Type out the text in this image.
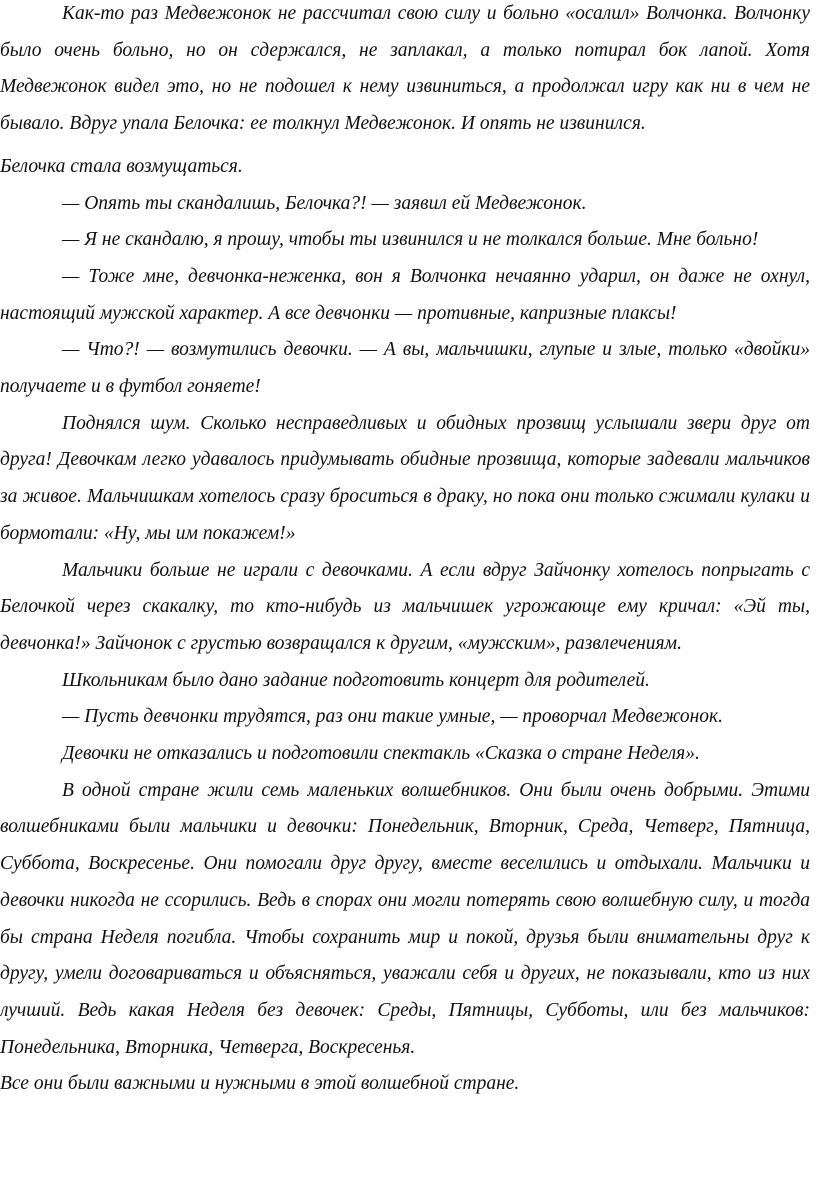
Как-то раз Медвежонок не рассчитал свою силу и больно «осалил» Волчонка. Волчонку было очень больно, но он сдержался, не заплакал, а только потирал бок лапой. Хотя Медвежонок видел это, но не подошел к нему извиниться, а продолжал игру как ни в чем не бывало. Вдруг упала Белочка: ее толкнул Медвежонок. И опять не извинился.

Белочка стала возмущаться.

— Опять ты скандалишь, Белочка?! — заявил ей Медвежонок.

— Я не скандалю, я прошу, чтобы ты извинился и не толкался больше. Мне больно!

— Тоже мне, девчонка-неженка, вон я Волчонка нечаянно ударил, он даже не охнул, настоящий мужской характер. А все девчонки — противные, капризные плаксы!

— Что?! — возмутились девочки. — А вы, мальчишки, глупые и злые, только «двойки» получаете и в футбол гоняете!

Поднялся шум. Сколько несправедливых и обидных прозвищ услышали звери друг от друга! Девочкам легко удавалось придумывать обидные прозвища, которые задевали мальчиков за живое. Мальчишкам хотелось сразу броситься в драку, но пока они только сжимали кулаки и бормотали: «Ну, мы им покажем!»

Мальчики больше не играли с девочками. А если вдруг Зайчонку хотелось попрыгать с Белочкой через скакалку, то кто-нибудь из мальчишек угрожающе ему кричал: «Эй ты, девчонка!» Зайчонок с грустью возвращался к другим, «мужским», развлечениям.

Школьникам было дано задание подготовить концерт для родителей.

— Пусть девчонки трудятся, раз они такие умные, — проворчал Медвежонок.

Девочки не отказались и подготовили спектакль «Сказка о стране Неделя».

В одной стране жили семь маленьких волшебников. Они были очень добрыми. Этими волшебниками были мальчики и девочки: Понедельник, Вторник, Среда, Четверг, Пятница, Суббота, Воскресенье. Они помогали друг другу, вместе веселились и отдыхали. Мальчики и девочки никогда не ссорились. Ведь в спорах они могли потерять свою волшебную силу, и тогда бы страна Неделя погибла. Чтобы сохранить мир и покой, друзья были внимательны друг к другу, умели договариваться и объясняться, уважали себя и других, не показывали, кто из них лучший. Ведь какая Неделя без девочек: Среды, Пятницы, Субботы, или без мальчиков: Понедельника, Вторника, Четверга, Воскресенья.

Все они были важными и нужными в этой волшебной стране.
